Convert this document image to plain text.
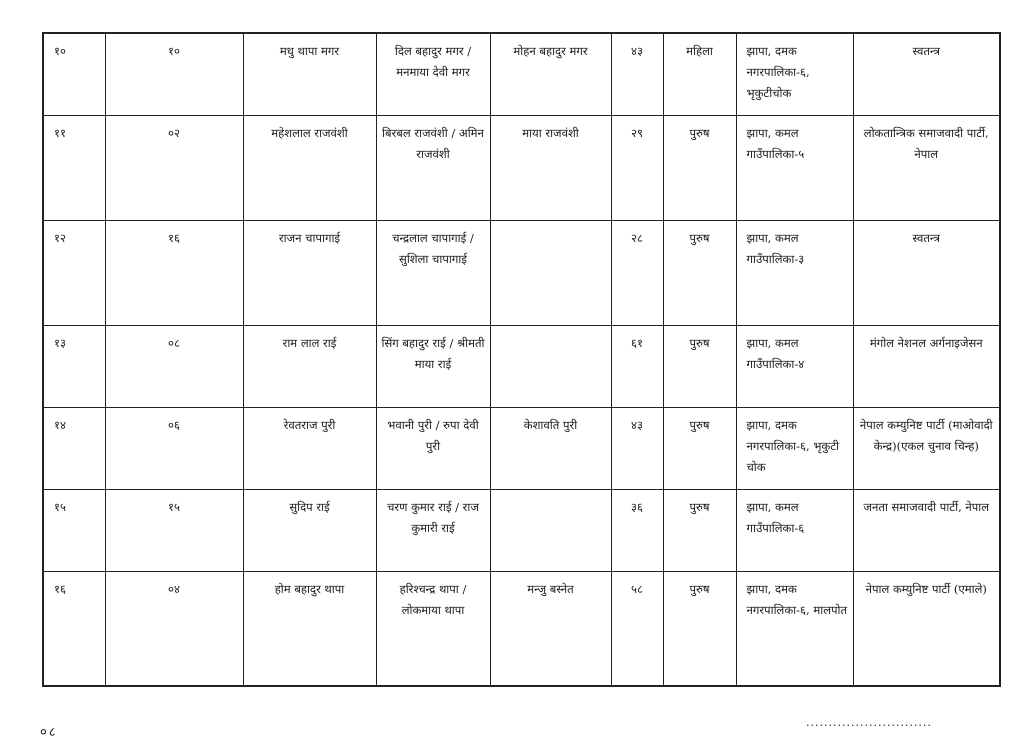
१०	१०	मधु थापा मगर	दिल बहादुर मगर / मनमाया देवी मगर	मोहन बहादुर मगर	४३	महिला	झापा, दमक नगरपालिका-६, भृकुटीचोक	स्वतन्त्र
११	०२	महेशलाल राजवंशी	बिरबल राजवंशी / अमिन राजवंशी	माया राजवंशी	२९	पुरुष	झापा, कमल गाउँपालिका-५	लोकतान्त्रिक समाजवादी पार्टी, नेपाल
१२	१६	राजन चापागाई	चन्द्रलाल चापागाई / सुशिला चापागाई		२८	पुरुष	झापा, कमल गाउँपालिका-३	स्वतन्त्र
१३	०८	राम लाल राई	सिंग बहादुर राई / श्रीमती माया राई		६१	पुरुष	झापा, कमल गाउँपालिका-४	मंगोल नेशनल अर्गनाइजेसन
१४	०६	रेवतराज पुरी	भवानी पुरी / रुपा देवी पुरी	केशावति पुरी	४३	पुरुष	झापा, दमक नगरपालिका-६, भृकुटी चोक	नेपाल कम्युनिष्ट पार्टी (माओवादी केन्द्र)(एकल चुनाव चिन्ह)
१५	१५	सुदिप राई	चरण कुमार राई / राज कुमारी राई		३६	पुरुष	झापा, कमल गाउँपालिका-६	जनता समाजवादी पार्टी, नेपाल
१६	०४	होम बहादुर थापा	हरिश्चन्द्र थापा / लोकमाया थापा	मन्जु बस्नेत	५८	पुरुष	झापा, दमक नगरपालिका-६, मालपोत	नेपाल कम्युनिष्ट पार्टी (एमाले)
०८
............................
